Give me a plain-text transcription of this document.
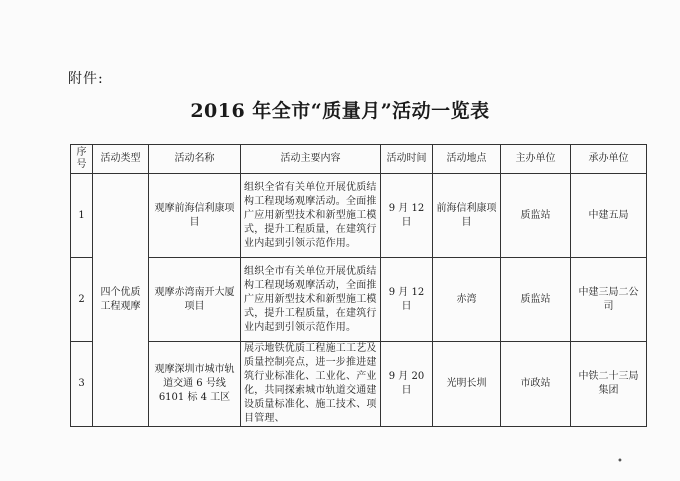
附件:
2016 年全市“质量月”活动一览表
序号	活动类型	活动名称	活动主要内容	活动时间	活动地点	主办单位	承办单位
1	四个优质工程观摩	观摩前海信利康项目	组织全省有关单位开展优质结构工程现场观摩活动。全面推广应用新型技术和新型施工模式，提升工程质量，在建筑行业内起到引领示范作用。	9 月 12 日	前海信利康项目	质监站	中建五局
2		观摩赤湾南开大厦项目	组织全市有关单位开展优质结构工程现场观摩活动，全面推广应用新型技术和新型施工模式，提升工程质量，在建筑行业内起到引领示范作用。	9 月 12 日	赤湾	质监站	中建三局二公司
3		观摩深圳市城市轨道交通 6 号线 6101 标 4 工区	展示地铁优质工程施工工艺及质量控制亮点，进一步推进建筑行业标准化、工业化、产业化，共同探索城市轨道交通建设质量标准化、施工技术、项目管理、	9 月 20 日	光明长圳	市政站	中铁二十三局集团
•
